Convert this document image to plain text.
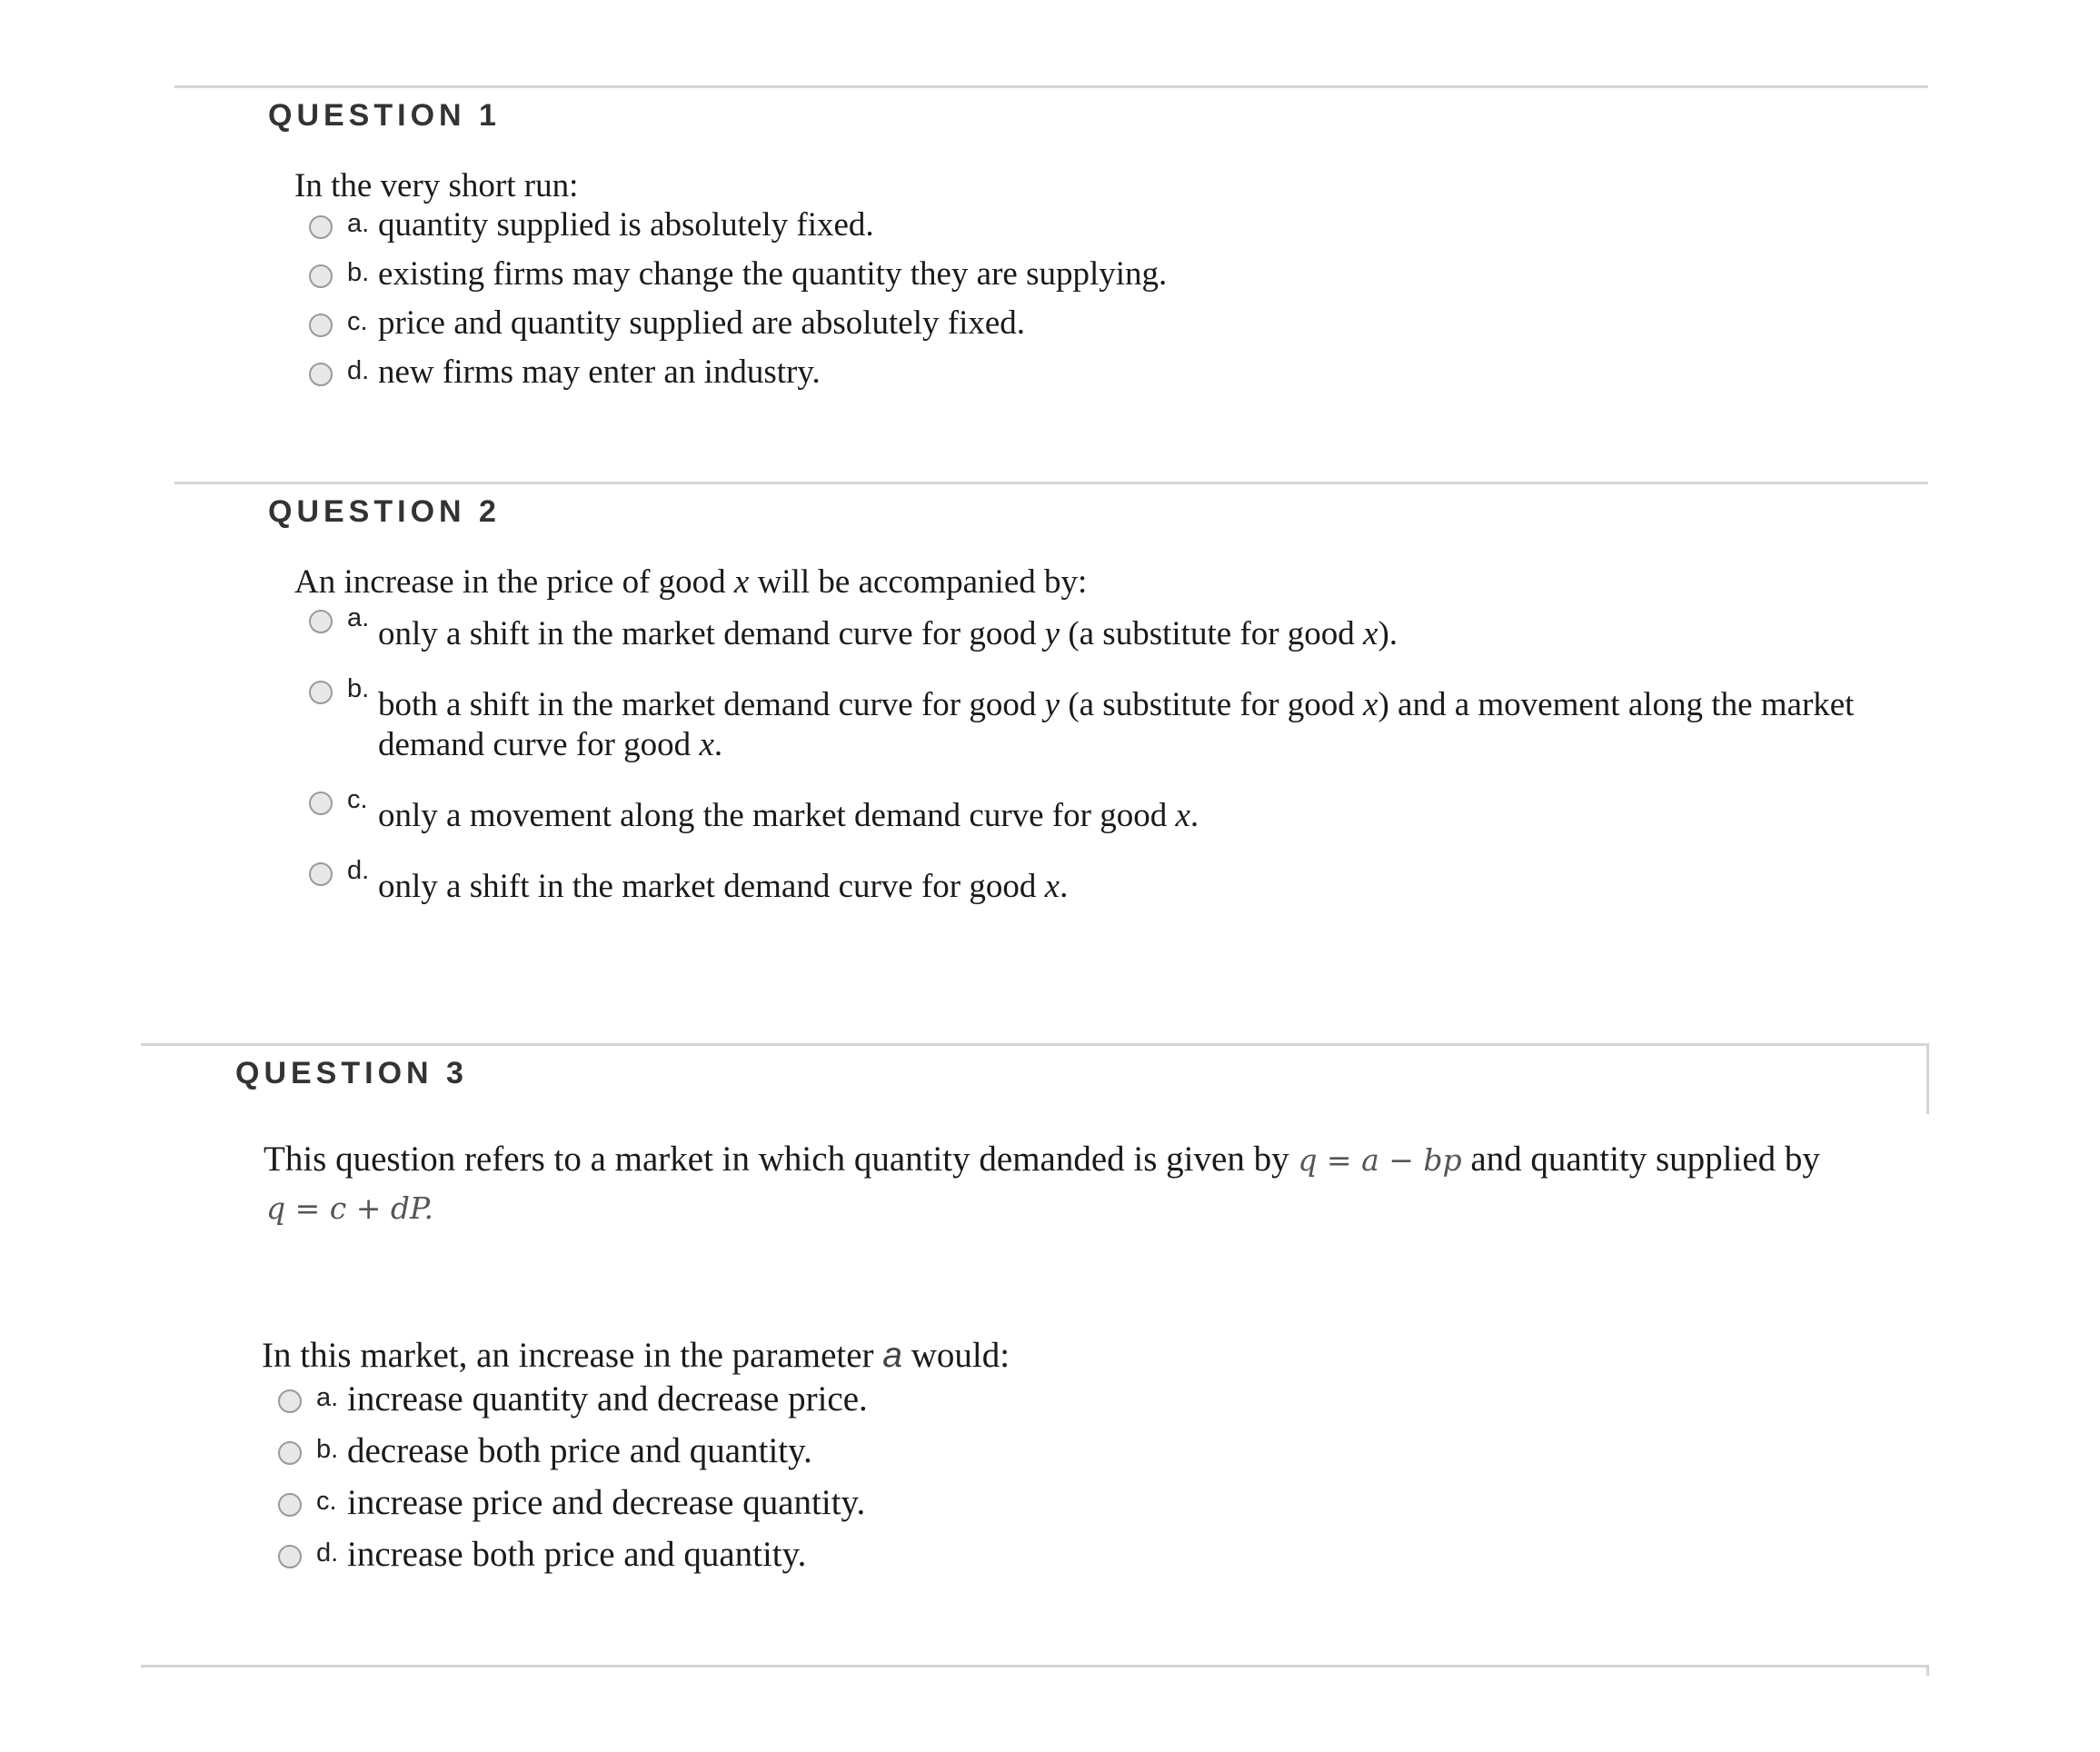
QUESTION 1
In the very short run:
a. quantity supplied is absolutely fixed.
b. existing firms may change the quantity they are supplying.
c. price and quantity supplied are absolutely fixed.
d. new firms may enter an industry.
QUESTION 2
An increase in the price of good x will be accompanied by:
a. only a shift in the market demand curve for good y (a substitute for good x).
b. both a shift in the market demand curve for good y (a substitute for good x) and a movement along the market
demand curve for good x.
c. only a movement along the market demand curve for good x.
d. only a shift in the market demand curve for good x.
QUESTION 3
This question refers to a market in which quantity demanded is given by q = a − bp and quantity supplied by
q = c + dP.
In this market, an increase in the parameter a would:
a. increase quantity and decrease price.
b. decrease both price and quantity.
c. increase price and decrease quantity.
d. increase both price and quantity.
